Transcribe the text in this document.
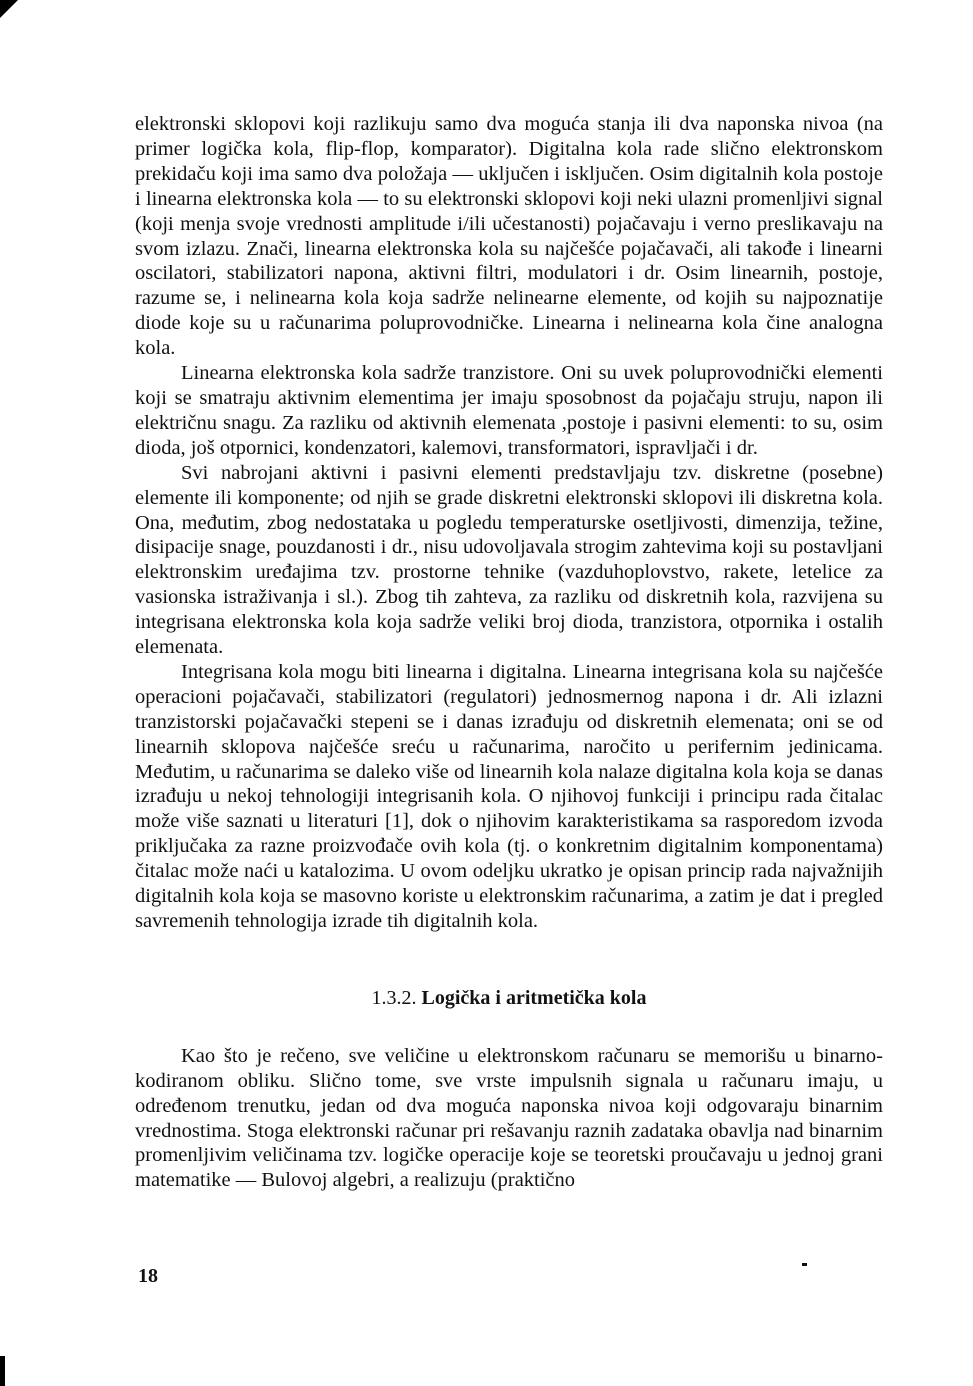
elektronski sklopovi koji razlikuju samo dva moguća stanja ili dva naponska nivoa (na primer logička kola, flip-flop, komparator). Digitalna kola rade slično elektronskom prekidaču koji ima samo dva položaja — uključen i isključen. Osim digitalnih kola postoje i linearna elektronska kola — to su elektronski sklopovi koji neki ulazni promenljivi signal (koji menja svoje vrednosti amplitude i/ili učestanosti) pojačavaju i verno preslikavaju na svom izlazu. Znači, linearna elektronska kola su najčešće pojačavači, ali takođe i linearni oscilatori, stabilizatori napona, aktivni filtri, modulatori i dr. Osim linearnih, postoje, razume se, i nelinearna kola koja sadrže nelinearne elemente, od kojih su najpoznatije diode koje su u računarima poluprovodničke. Linearna i nelinearna kola čine analogna kola.

Linearna elektronska kola sadrže tranzistore. Oni su uvek poluprovodnički elementi koji se smatraju aktivnim elementima jer imaju sposobnost da pojačaju struju, napon ili električnu snagu. Za razliku od aktivnih elemenata ,postoje i pasivni elementi: to su, osim dioda, još otpornici, kondenzatori, kalemovi, transformatori, ispravljači i dr.

Svi nabrojani aktivni i pasivni elementi predstavljaju tzv. diskretne (posebne) elemente ili komponente; od njih se grade diskretni elektronski sklopovi ili diskretna kola. Ona, međutim, zbog nedostataka u pogledu temperaturske osetljivosti, dimenzija, težine, disipacije snage, pouzdanosti i dr., nisu udovoljavala strogim zahtevima koji su postavljani elektronskim uređajima tzv. prostorne tehnike (vazduhoplovstvo, rakete, letelice za vasionska istraživanja i sl.). Zbog tih zahteva, za razliku od diskretnih kola, razvijena su integrisana elektronska kola koja sadrže veliki broj dioda, tranzistora, otpornika i ostalih elemenata.

Integrisana kola mogu biti linearna i digitalna. Linearna integrisana kola su najčešće operacioni pojačavači, stabilizatori (regulatori) jednosmernog napona i dr. Ali izlazni tranzistorski pojačavački stepeni se i danas izrađuju od diskretnih elemenata; oni se od linearnih sklopova najčešće sreću u računarima, naročito u perifernim jedinicama. Međutim, u računarima se daleko više od linearnih kola nalaze digitalna kola koja se danas izrađuju u nekoj tehnologiji integrisanih kola. O njihovoj funkciji i principu rada čitalac može više saznati u literaturi [1], dok o njihovim karakteristikama sa rasporedom izvoda priključaka za razne proizvođače ovih kola (tj. o konkretnim digitalnim komponentama) čitalac može naći u katalozima. U ovom odeljku ukratko je opisan princip rada najvažnijih digitalnih kola koja se masovno koriste u elektronskim računarima, a zatim je dat i pregled savremenih tehnologija izrade tih digitalnih kola.

1.3.2. Logička i aritmetička kola

Kao što je rečeno, sve veličine u elektronskom računaru se memorišu u binarno-kodiranom obliku. Slično tome, sve vrste impulsnih signala u računaru imaju, u određenom trenutku, jedan od dva moguća naponska nivoa koji odgovaraju binarnim vrednostima. Stoga elektronski računar pri rešavanju raznih zadataka obavlja nad binarnim promenljivim veličinama tzv. logičke operacije koje se teoretski proučavaju u jednoj grani matematike — Bulovoj algebri, a realizuju (praktično

18
